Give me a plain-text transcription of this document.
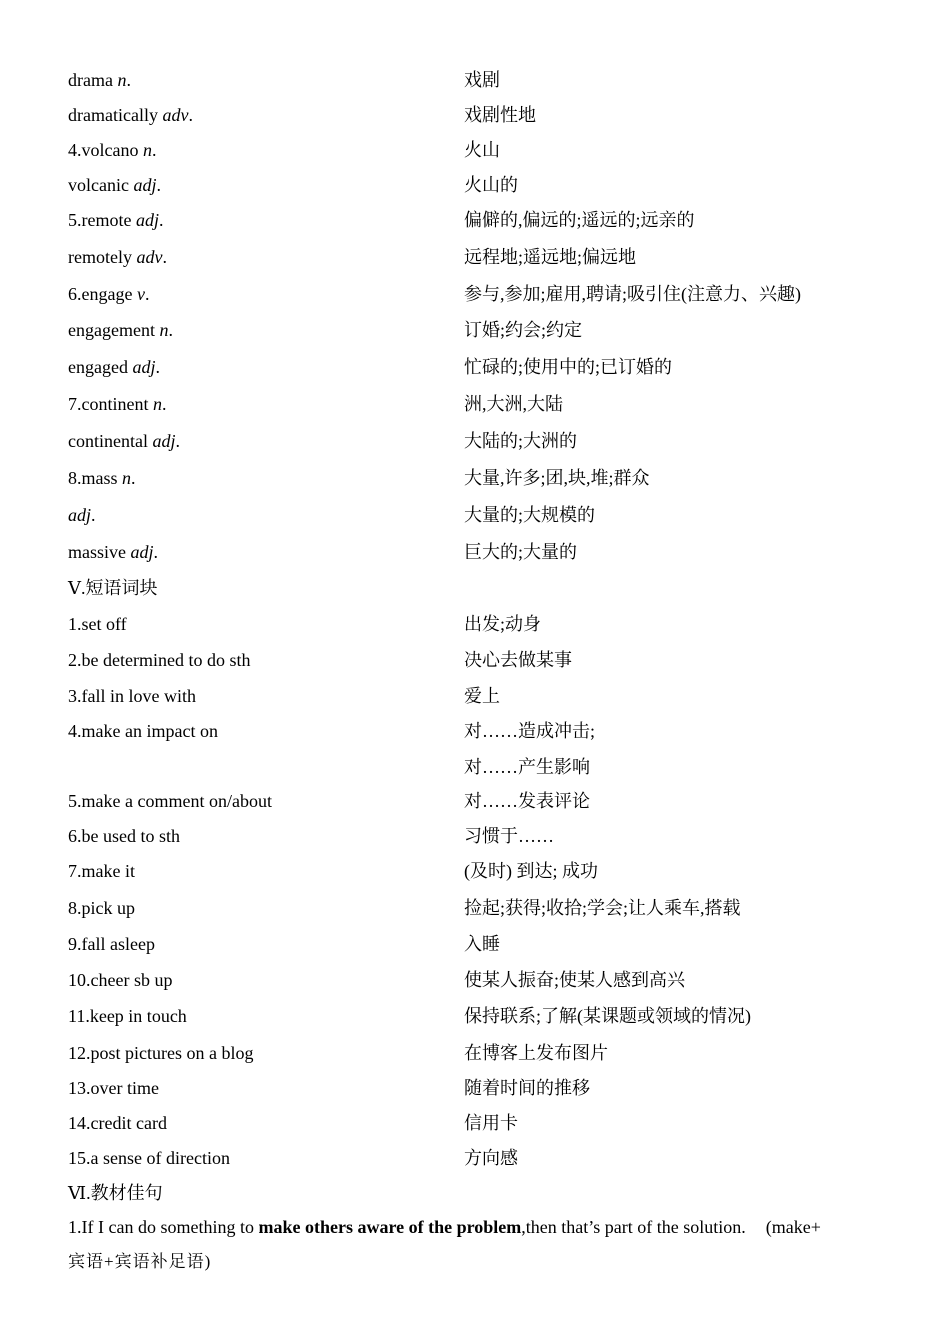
drama n.	戏剧
dramatically adv.	戏剧性地
4.volcano n.	火山
volcanic adj.	火山的
5.remote adj.	偏僻的,偏远的;遥远的;远亲的
remotely adv.	远程地;遥远地;偏远地
6.engage v.	参与,参加;雇用,聘请;吸引住(注意力、兴趣)
engagement n.	订婚;约会;约定
engaged adj.	忙碌的;使用中的;已订婚的
7.continent n.	洲,大洲,大陆
continental adj.	大陆的;大洲的
8.mass n.	大量,许多;团,块,堆;群众
adj.	大量的;大规模的
massive adj.	巨大的;大量的
Ⅴ.短语词块
1.set off	出发;动身
2.be determined to do sth	决心去做某事
3.fall in love with	爱上
4.make an impact on	对……造成冲击;
对……产生影响
5.make a comment on/about	对……发表评论
6.be used to sth	习惯于……
7.make it	(及时) 到达; 成功
8.pick up	捡起;获得;收拾;学会;让人乘车,搭载
9.fall asleep	入睡
10.cheer sb up	使某人振奋;使某人感到高兴
11.keep in touch	保持联系;了解(某课题或领域的情况)
12.post pictures on a blog	在博客上发布图片
13.over time	随着时间的推移
14.credit card	信用卡
15.a sense of direction	方向感
Ⅵ.教材佳句
1.If I can do something to make others aware of the problem,then that’s part of the solution. (make+
宾语+宾语补足语)
